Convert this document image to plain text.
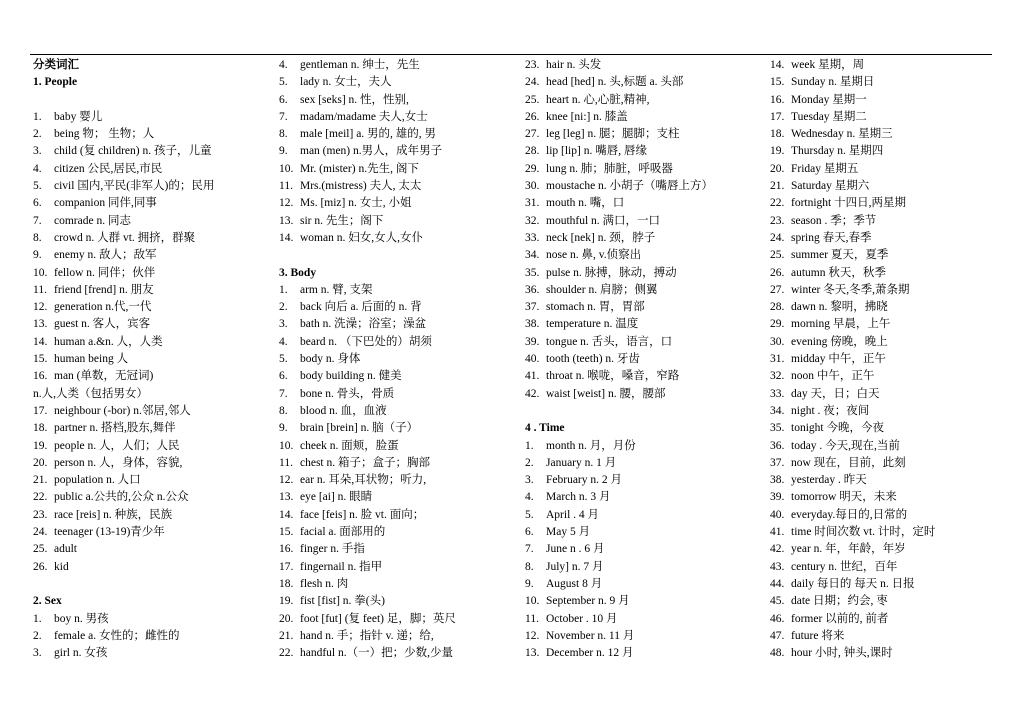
分类词汇
1. People
1. baby 婴儿
2. being 物； 生物；人
3. child (复 children) n. 孩子，儿童
4. citizen 公民,居民,市民
5. civil 国内,平民(非军人)的；民用
6. companion 同伴,同事
7. comrade n. 同志
8. crowd n. 人群 vt. 拥挤，群聚
9. enemy n. 敌人；敌军
10. fellow n. 同伴；伙伴
11. friend [frend] n. 朋友
12. generation n.代,一代
13. guest n. 客人，宾客
14. human a.&n. 人，人类
15. human being 人
16. man (单数，无冠词)
n.人,人类（包括男女）
17. neighbour (-bor) n.邻居,邻人
18. partner n. 搭档,股东,舞伴
19. people n. 人，人们；人民
20. person n. 人，身体，容貌,
21. population n. 人口
22. public a.公共的,公众 n.公众
23. race [reis] n. 种族，民族
24. teenager (13-19)青少年
25. adult
26. kid
2. Sex
1. boy n. 男孩
2. female a. 女性的；雌性的
3. girl n. 女孩
4. gentleman n. 绅士，先生
5. lady n. 女士，夫人
6. sex [seks] n. 性，性别,
7. madam/madame 夫人,女士
8. male [meil] a. 男的, 雄的, 男
9. man (men) n.男人，成年男子
10. Mr. (mister) n.先生, 阁下
11. Mrs.(mistress) 夫人, 太太
12. Ms. [miz] n. 女士, 小姐
13. sir n. 先生；阁下
14. woman n. 妇女,女人,女仆
3. Body
1. arm n. 臂, 支架
2. back 向后 a. 后面的 n. 背
3. bath n. 洗澡；浴室；澡盆
4. beard n. （下巴处的）胡须
5. body n. 身体
6. body building n. 健美
7. bone n. 骨头，骨质
8. blood n. 血，血液
9. brain [brein] n. 脑（子）
10. cheek n. 面颊，脸蛋
11. chest n. 箱子；盒子；胸部
12. ear n. 耳朵,耳状物；听力,
13. eye [ai] n. 眼睛
14. face [feis] n. 脸 vt. 面向；
15. facial a. 面部用的
16. finger n. 手指
17. fingernail n. 指甲
18. flesh n. 肉
19. fist [fist] n. 拳(头)
20. foot [fut] (复 feet) 足，脚；英尺
21. hand n. 手；指针 v. 递；给,
22. handful n.（一）把；少数,少量
23. hair n. 头发
24. head [hed] n. 头,标题 a. 头部
25. heart n. 心,心脏,精神,
26. knee [ni:] n. 膝盖
27. leg [leg] n. 腿；腿脚；支柱
28. lip [lip] n. 嘴唇, 唇缘
29. lung n. 肺；肺脏，呼吸器
30. moustache n. 小胡子（嘴唇上方）
31. mouth n. 嘴，口
32. mouthful n. 满口，一口
33. neck [nek] n. 颈，脖子
34. nose n. 鼻, v.侦察出
35. pulse n. 脉搏，脉动，搏动
36. shoulder n. 肩膀；侧翼
37. stomach n. 胃，胃部
38. temperature n. 温度
39. tongue n. 舌头，语言，口
40. tooth (teeth) n. 牙齿
41. throat n. 喉咙，嗓音，窄路
42. waist [weist] n. 腰，腰部
4 . Time
1. month n. 月，月份
2. January n. 1 月
3. February n. 2 月
4. March n. 3 月
5. April . 4 月
6. May 5 月
7. June n . 6 月
8. July] n. 7 月
9. August 8 月
10. September n. 9 月
11. October . 10 月
12. November n. 11 月
13. December n. 12 月
14. week 星期，周
15. Sunday n. 星期日
16. Monday 星期一
17. Tuesday 星期二
18. Wednesday n. 星期三
19. Thursday n. 星期四
20. Friday 星期五
21. Saturday 星期六
22. fortnight 十四日,两星期
23. season . 季；季节
24. spring 春天,春季
25. summer 夏天，夏季
26. autumn 秋天，秋季
27. winter 冬天,冬季,萧条期
28. dawn n. 黎明，拂晓
29. morning 早晨，上午
30. evening 傍晚，晚上
31. midday 中午，正午
32. noon 中午，正午
33. day 天，日；白天
34. night . 夜；夜间
35. tonight 今晚，今夜
36. today . 今天,现在,当前
37. now 现在，目前，此刻
38. yesterday . 昨天
39. tomorrow 明天，未来
40. everyday.每日的,日常的
41. time 时间次数 vt. 计时，定时
42. year n. 年，年龄，年岁
43. century n. 世纪，百年
44. daily 每日的 每天 n. 日报
45. date 日期；约会, 枣
46. former 以前的, 前者
47. future 将来
48. hour 小时, 钟头,课时
